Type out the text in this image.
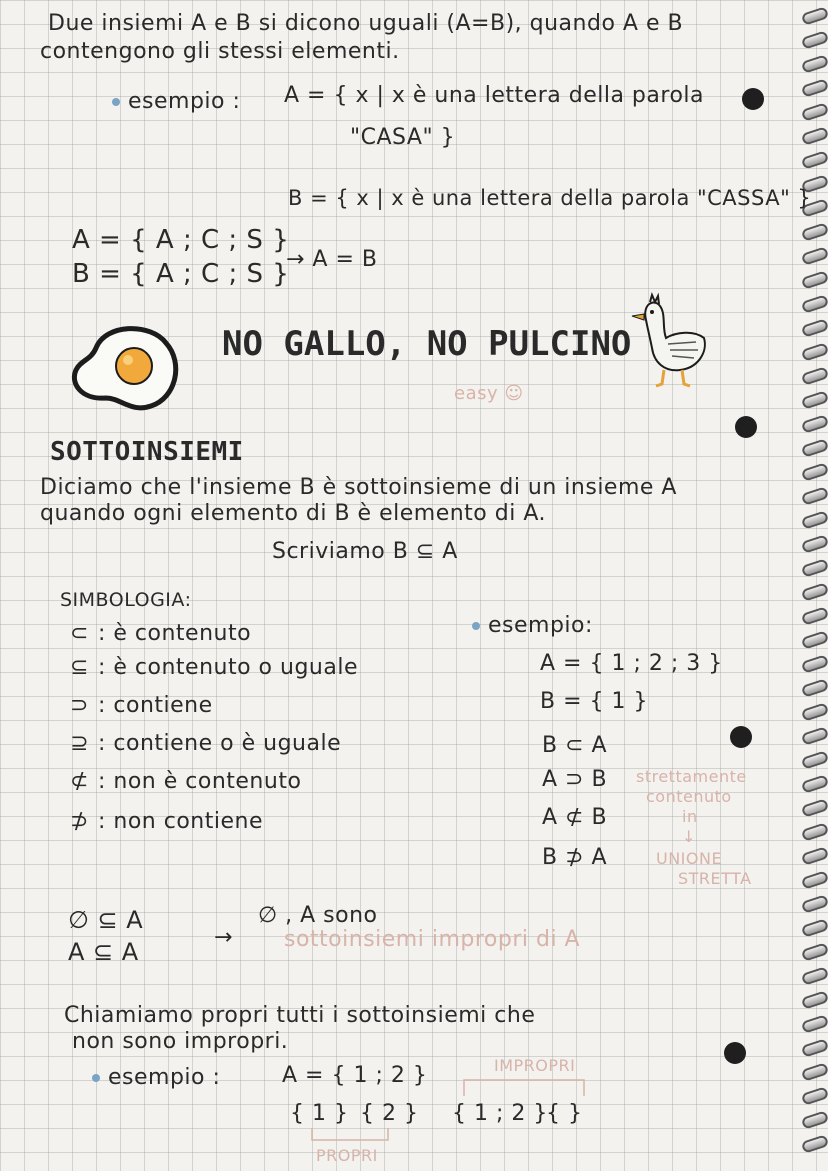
Due insiemi A e B si dicono uguali (A=B), quando A e B
contengono gli stessi elementi.
esempio : A = { x | x è una lettera della parola
"CASA" }
B = { x | x è una lettera della parola "CASSA" }
A = { A ; C ; S }
B = { A ; C ; S }
→ A = B
NO GALLO, NO PULCINO
easy ☺
SOTTOINSIEMI
Diciamo che l'insieme B è sottoinsieme di un insieme A
quando ogni elemento di B è elemento di A.
Scriviamo B ⊆ A
SIMBOLOGIA:
⊂ : è contenuto
⊆ : è contenuto o uguale
⊃ : contiene
⊇ : contiene o è uguale
⊄ : non è contenuto
⊅ : non contiene
esempio:
A = { 1 ; 2 ; 3 }
B = { 1 }
B ⊂ A
A ⊃ B
A ⊄ B
B ⊅ A
strettamente
contenuto
in
↓
UNIONE
STRETTA
∅ ⊆ A
A ⊆ A
→
∅ , A sono
sottoinsiemi impropri di A
Chiamiamo propri tutti i sottoinsiemi che
non sono impropri.
esempio :	A = { 1 ; 2 }
{ 1 } { 2 } { 1 ; 2 }
{ }
IMPROPRI
PROPRI
